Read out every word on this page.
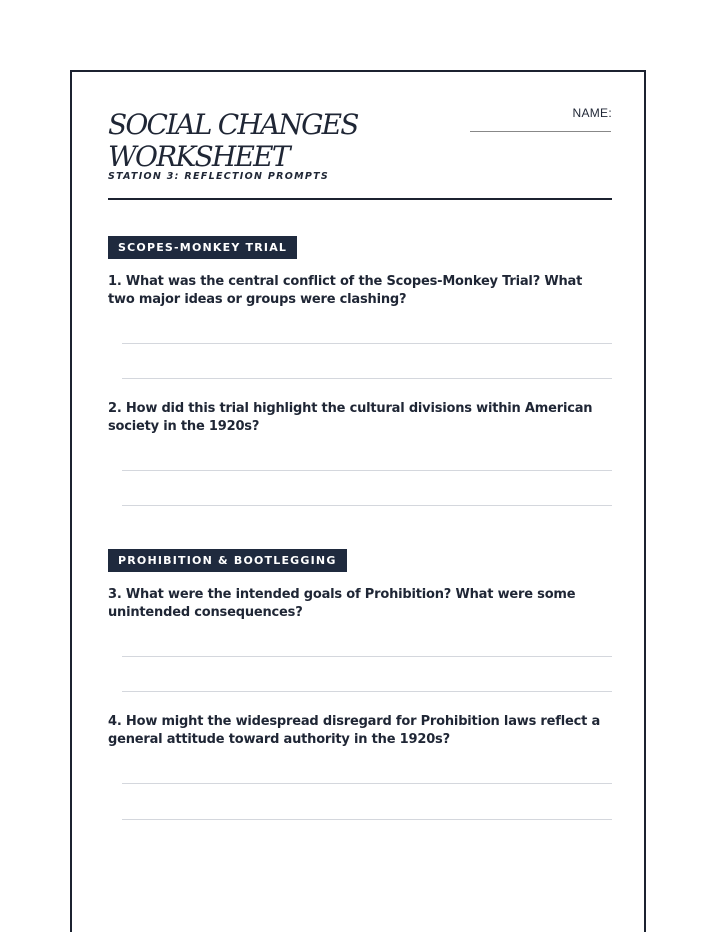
SOCIAL CHANGES
WORKSHEET
STATION 3: REFLECTION PROMPTS
NAME:
SCOPES-MONKEY TRIAL
1. What was the central conflict of the Scopes-Monkey Trial? What two major ideas or groups were clashing?
2. How did this trial highlight the cultural divisions within American society in the 1920s?
PROHIBITION & BOOTLEGGING
3. What were the intended goals of Prohibition? What were some unintended consequences?
4. How might the widespread disregard for Prohibition laws reflect a general attitude toward authority in the 1920s?
